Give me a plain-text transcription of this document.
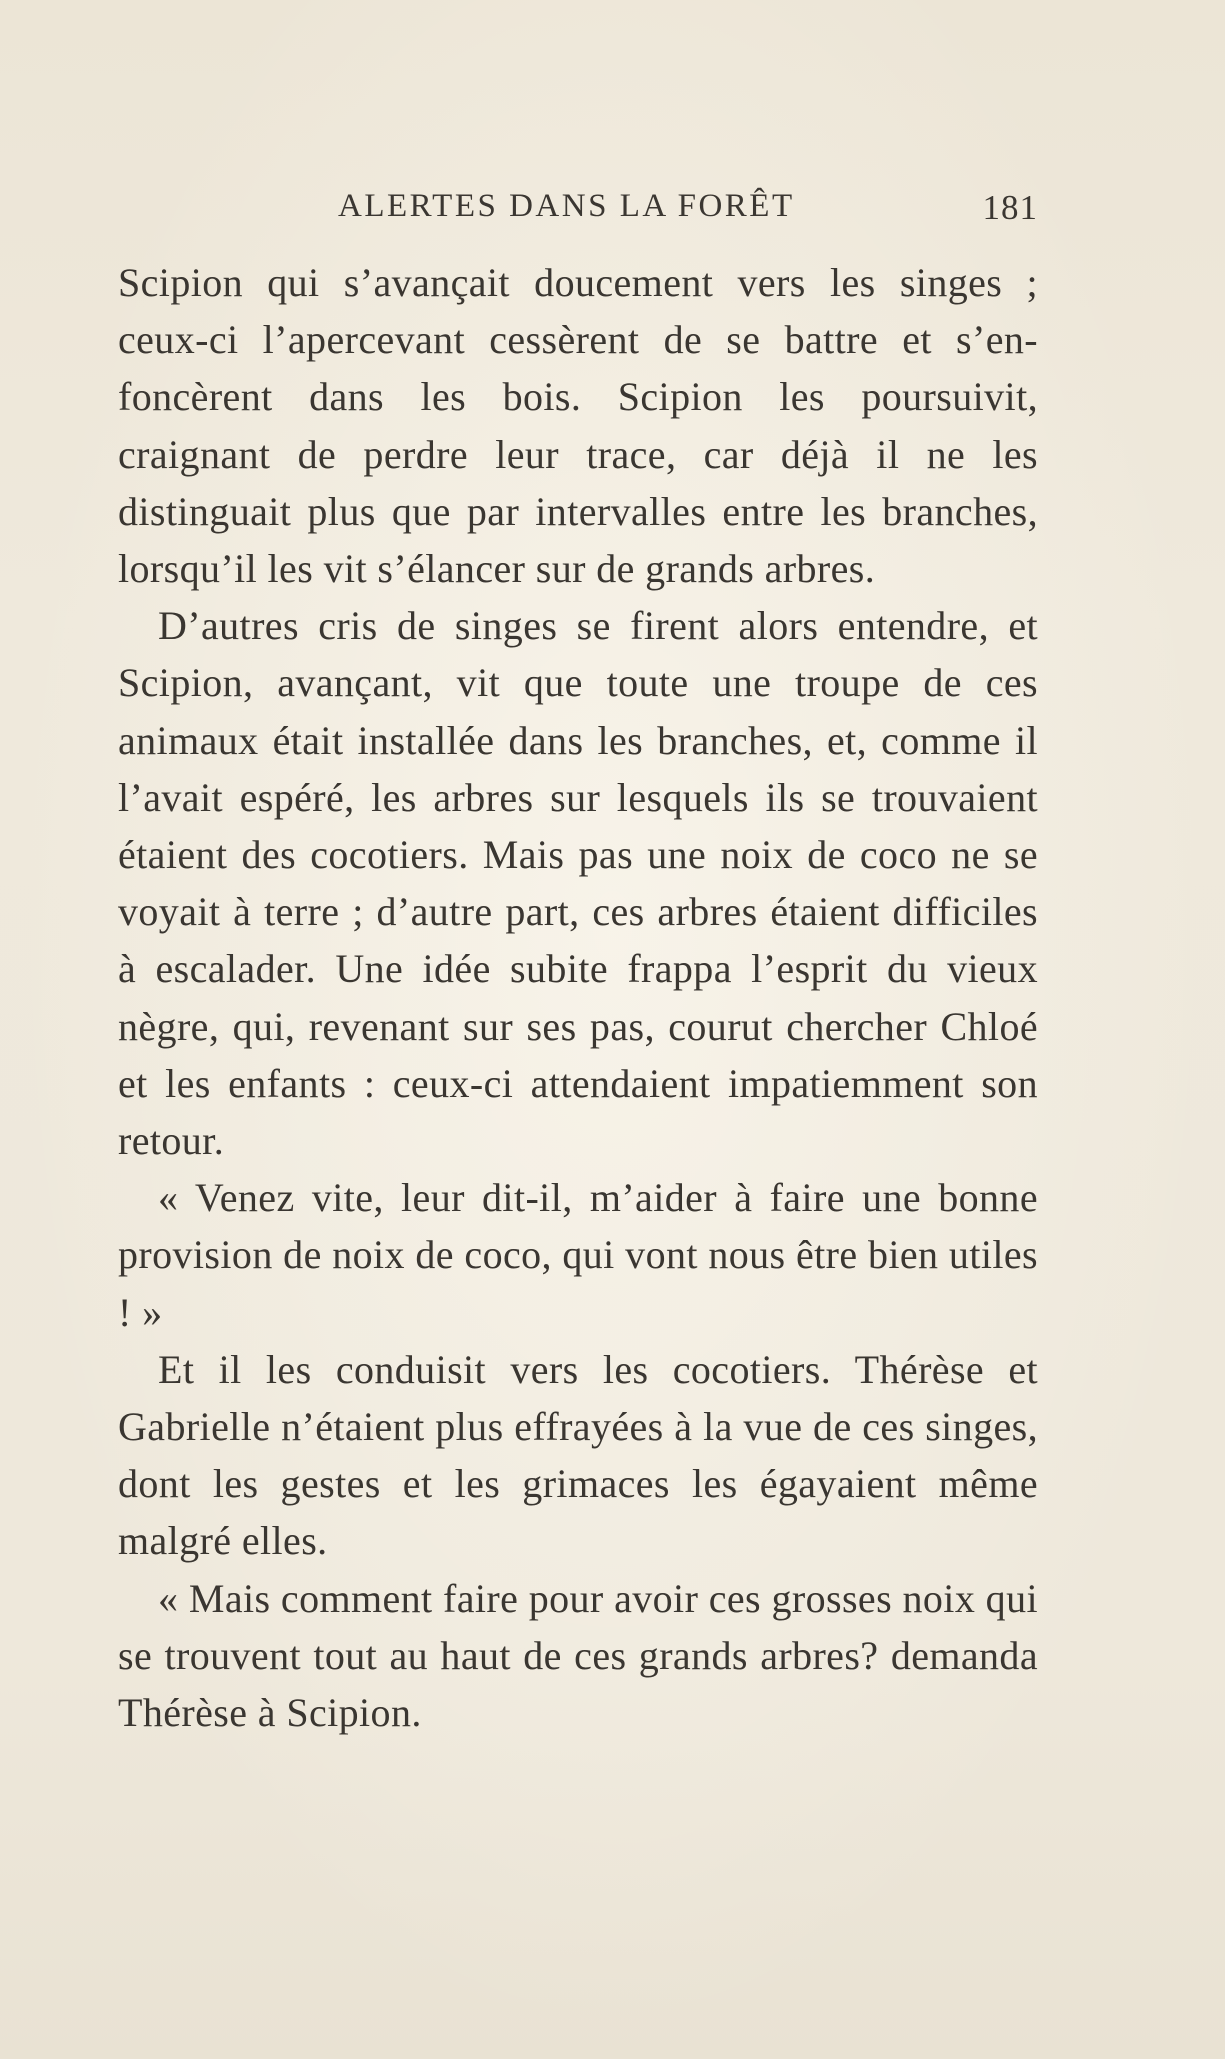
ALERTES DANS LA FORÊT	181

Scipion qui s’avançait doucement vers les singes ; ceux-ci l’apercevant cessèrent de se battre et s’en-foncèrent dans les bois. Scipion les poursuivit, craignant de perdre leur trace, car déjà il ne les distinguait plus que par intervalles entre les branches, lorsqu’il les vit s’élancer sur de grands arbres.

D’autres cris de singes se firent alors entendre, et Scipion, avançant, vit que toute une troupe de ces animaux était installée dans les branches, et, comme il l’avait espéré, les arbres sur lesquels ils se trouvaient étaient des cocotiers. Mais pas une noix de coco ne se voyait à terre ; d’autre part, ces arbres étaient difficiles à escalader. Une idée subite frappa l’esprit du vieux nègre, qui, revenant sur ses pas, courut chercher Chloé et les enfants : ceux-ci attendaient impatiemment son retour.

« Venez vite, leur dit-il, m’aider à faire une bonne provision de noix de coco, qui vont nous être bien utiles ! »

Et il les conduisit vers les cocotiers. Thérèse et Gabrielle n’étaient plus effrayées à la vue de ces singes, dont les gestes et les grimaces les égayaient même malgré elles.

« Mais comment faire pour avoir ces grosses noix qui se trouvent tout au haut de ces grands arbres? demanda Thérèse à Scipion.
